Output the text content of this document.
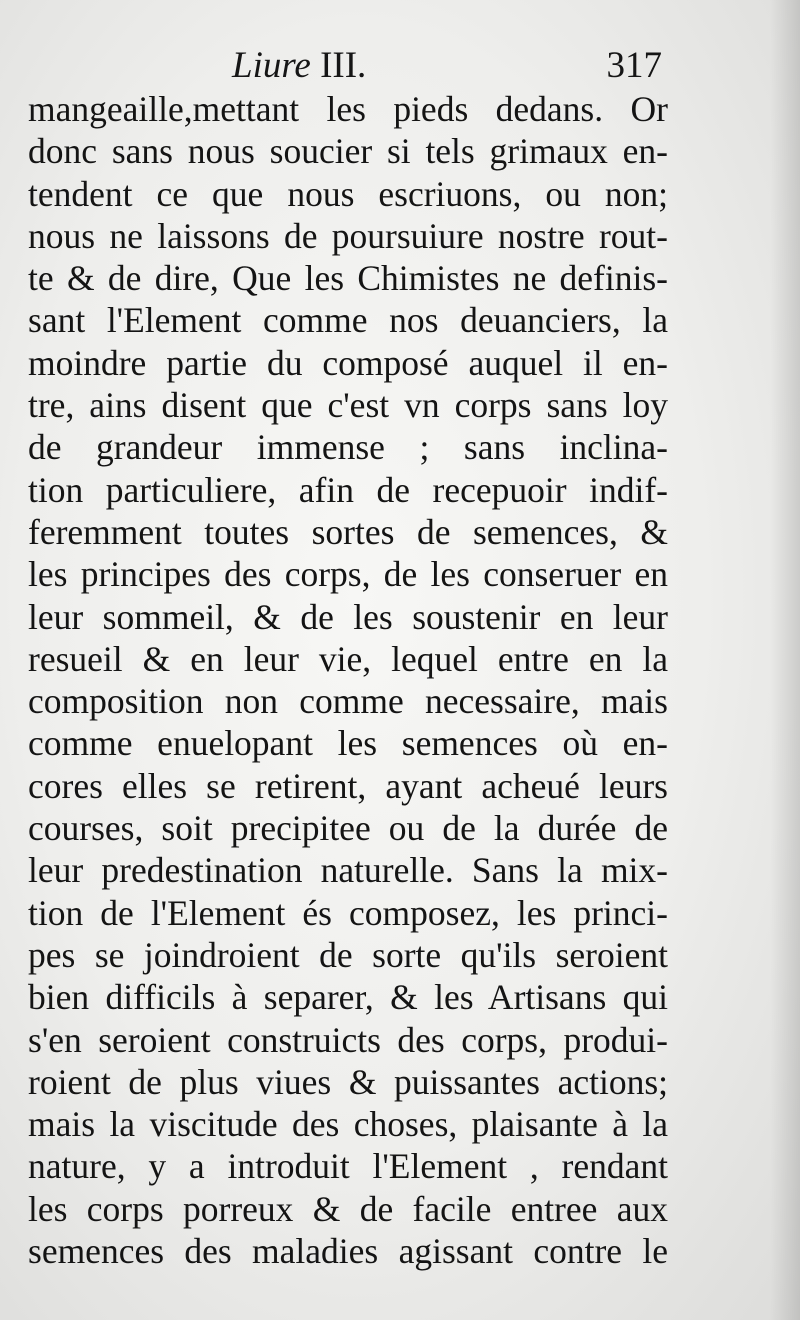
Liure III.	317
mangeaille,mettant les pieds dedans. Or
donc sans nous soucier si tels grimaux en-
tendent ce que nous escriuons, ou non;
nous ne laissons de poursuiure nostre rout-
te & de dire, Que les Chimistes ne definis-
sant l'Element comme nos deuanciers, la
moindre partie du composé auquel il en-
tre, ains disent que c'est vn corps sans loy
de grandeur immense ; sans inclina-
tion particuliere, afin de recepuoir indif-
feremment toutes sortes de semences, &
les principes des corps, de les conseruer en
leur sommeil, & de les soustenir en leur
resueil & en leur vie, lequel entre en la
composition non comme necessaire, mais
comme enuelopant les semences où en-
cores elles se retirent, ayant acheué leurs
courses, soit precipitee ou de la durée de
leur predestination naturelle. Sans la mix-
tion de l'Element és composez, les princi-
pes se joindroient de sorte qu'ils seroient
bien difficils à separer, & les Artisans qui
s'en seroient construicts des corps, produi-
roient de plus viues & puissantes actions;
mais la viscitude des choses, plaisante à la
nature, y a introduit l'Element , rendant
les corps porreux & de facile entree aux
semences des maladies agissant contre le
